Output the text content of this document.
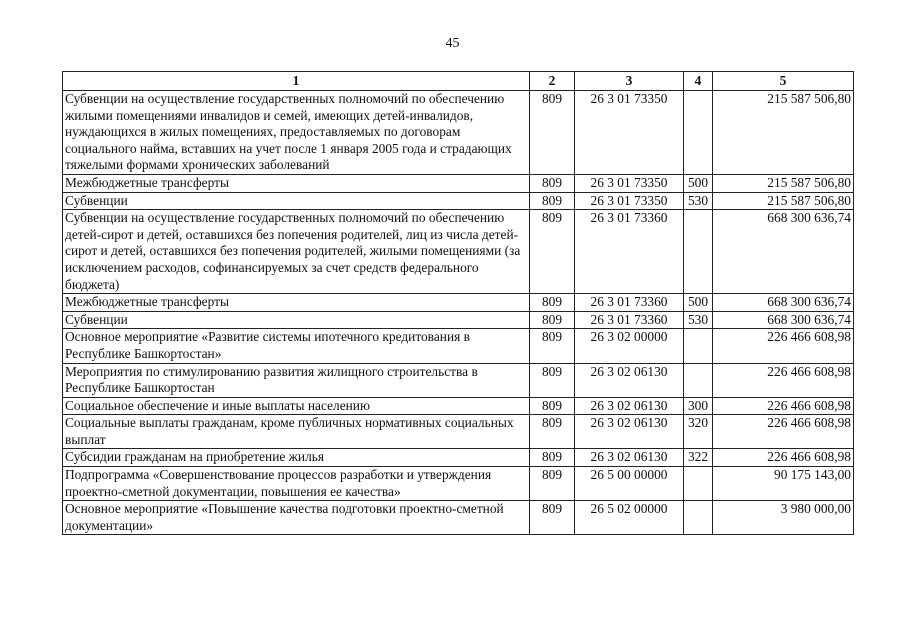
45
1	2	3	4	5
Субвенции на осуществление государственных полномочий по обеспечению жилыми помещениями инвалидов и семей, имеющих детей-инвалидов, нуждающихся в жилых помещениях, предоставляемых по договорам социального найма, вставших на учет после 1 января 2005 года и страдающих тяжелыми формами хронических заболеваний	809	26 3 01 73350		215 587 506,80
Межбюджетные трансферты	809	26 3 01 73350	500	215 587 506,80
Субвенции	809	26 3 01 73350	530	215 587 506,80
Субвенции на осуществление государственных полномочий по обеспечению детей-сирот и детей, оставшихся без попечения родителей, лиц из числа детей-сирот и детей, оставшихся без попечения родителей, жилыми помещениями (за исключением расходов, софинансируемых за счет средств федерального бюджета)	809	26 3 01 73360		668 300 636,74
Межбюджетные трансферты	809	26 3 01 73360	500	668 300 636,74
Субвенции	809	26 3 01 73360	530	668 300 636,74
Основное мероприятие «Развитие системы ипотечного кредитования в Республике Башкортостан»	809	26 3 02 00000		226 466 608,98
Мероприятия по стимулированию развития жилищного строительства в Республике Башкортостан	809	26 3 02 06130		226 466 608,98
Социальное обеспечение и иные выплаты населению	809	26 3 02 06130	300	226 466 608,98
Социальные выплаты гражданам, кроме публичных нормативных социальных выплат	809	26 3 02 06130	320	226 466 608,98
Субсидии гражданам на приобретение жилья	809	26 3 02 06130	322	226 466 608,98
Подпрограмма «Совершенствование процессов разработки и утверждения проектно-сметной документации, повышения ее качества»	809	26 5 00 00000		90 175 143,00
Основное мероприятие «Повышение качества подготовки проектно-сметной документации»	809	26 5 02 00000		3 980 000,00
